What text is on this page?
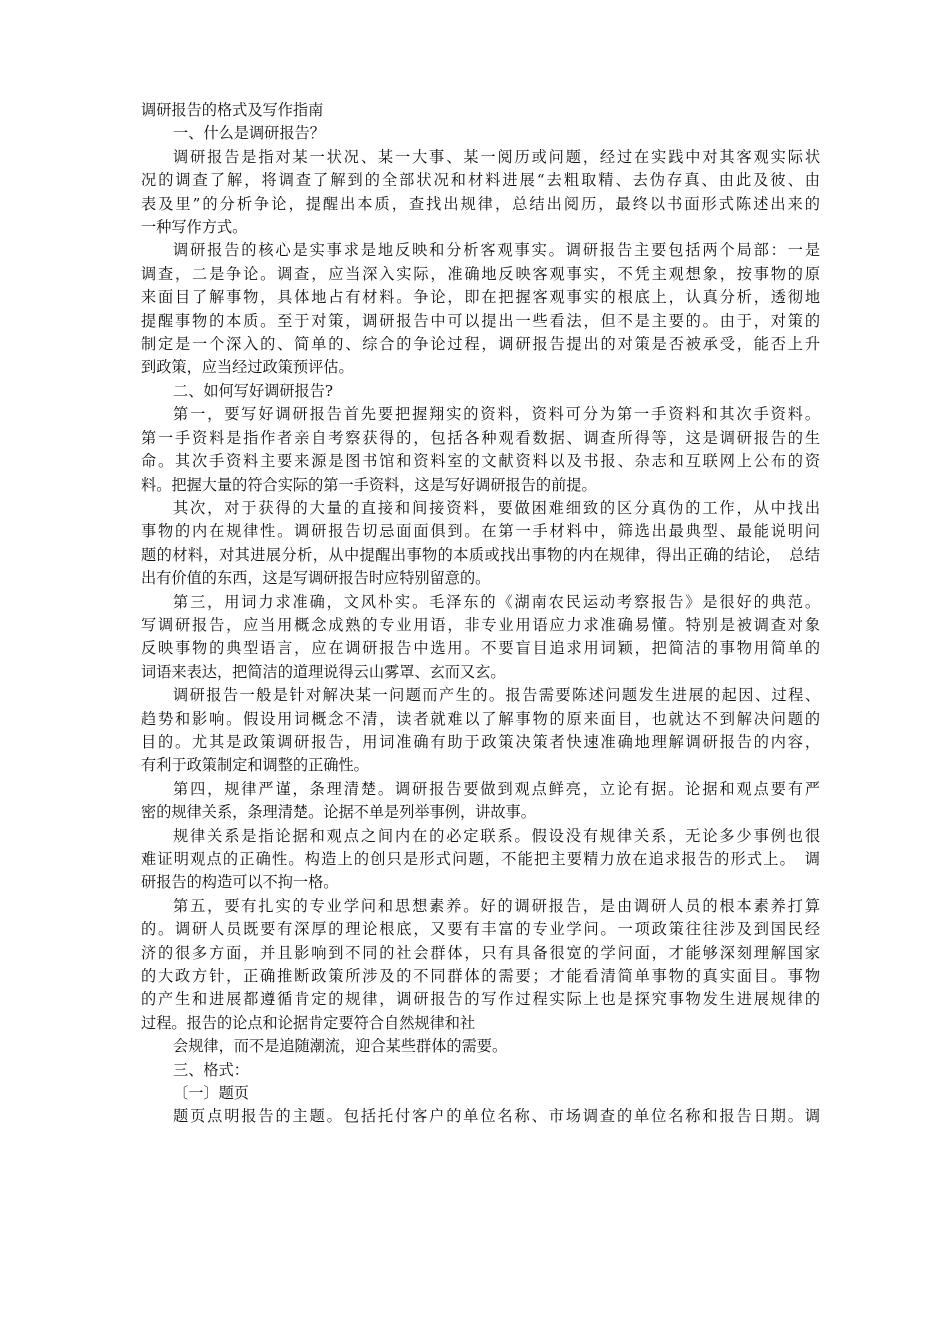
调研报告的格式及写作指南

一、什么是调研报告？

调研报告是指对某一状况、某一大事、某一阅历或问题，经过在实践中对其客观实际状

况的调查了解，将调查了解到的全部状况和材料进展“去粗取精、去伪存真、由此及彼、由

表及里”的分析争论，提醒出本质，查找出规律，总结出阅历，最终以书面形式陈述出来的

一种写作方式。

调研报告的核心是实事求是地反映和分析客观事实。调研报告主要包括两个局部：一是

调查，二是争论。调查，应当深入实际，准确地反映客观事实，不凭主观想象，按事物的原

来面目了解事物，具体地占有材料。争论，即在把握客观事实的根底上，认真分析，透彻地

提醒事物的本质。至于对策，调研报告中可以提出一些看法，但不是主要的。由于，对策的

制定是一个深入的、简单的、综合的争论过程，调研报告提出的对策是否被承受，能否上升

到政策，应当经过政策预评估。

二、如何写好调研报告?

第一，要写好调研报告首先要把握翔实的资料，资料可分为第一手资料和其次手资料。

第一手资料是指作者亲自考察获得的，包括各种观看数据、调查所得等，这是调研报告的生

命。其次手资料主要来源是图书馆和资料室的文献资料以及书报、杂志和互联网上公布的资

料。把握大量的符合实际的第一手资料，这是写好调研报告的前提。

其次，对于获得的大量的直接和间接资料，要做困难细致的区分真伪的工作，从中找出

事物的内在规律性。调研报告切忌面面俱到。在第一手材料中，筛选出最典型、最能说明问

题的材料，对其进展分析，从中提醒出事物的本质或找出事物的内在规律，得出正确的结论，　总结

出有价值的东西，这是写调研报告时应特别留意的。

第三，用词力求准确，文风朴实。毛泽东的《湖南农民运动考察报告》是很好的典范。

写调研报告，应当用概念成熟的专业用语，非专业用语应力求准确易懂。特别是被调查对象

反映事物的典型语言，应在调研报告中选用。不要盲目追求用词颖，把简洁的事物用简单的

词语来表达，把简洁的道理说得云山雾罩、玄而又玄。

调研报告一般是针对解决某一问题而产生的。报告需要陈述问题发生进展的起因、过程、

趋势和影响。假设用词概念不清，读者就难以了解事物的原来面目，也就达不到解决问题的

目的。尤其是政策调研报告，用词准确有助于政策决策者快速准确地理解调研报告的内容，

有利于政策制定和调整的正确性。

第四，规律严谨，条理清楚。调研报告要做到观点鲜亮，立论有据。论据和观点要有严

密的规律关系，条理清楚。论据不单是列举事例，讲故事。

规律关系是指论据和观点之间内在的必定联系。假设没有规律关系，无论多少事例也很

难证明观点的正确性。构造上的创只是形式问题，不能把主要精力放在追求报告的形式上。　调

研报告的构造可以不拘一格。

第五，要有扎实的专业学问和思想素养。好的调研报告，是由调研人员的根本素养打算

的。调研人员既要有深厚的理论根底，又要有丰富的专业学问。一项政策往往涉及到国民经

济的很多方面，并且影响到不同的社会群体，只有具备很宽的学问面，才能够深刻理解国家

的大政方针，正确推断政策所涉及的不同群体的需要；才能看清简单事物的真实面目。事物

的产生和进展都遵循肯定的规律，调研报告的写作过程实际上也是探究事物发生进展规律的

过程。报告的论点和论据肯定要符合自然规律和社

会规律，而不是追随潮流，迎合某些群体的需要。

三、格式：

〔一〕题页

题页点明报告的主题。包括托付客户的单位名称、市场调查的单位名称和报告日期。调
